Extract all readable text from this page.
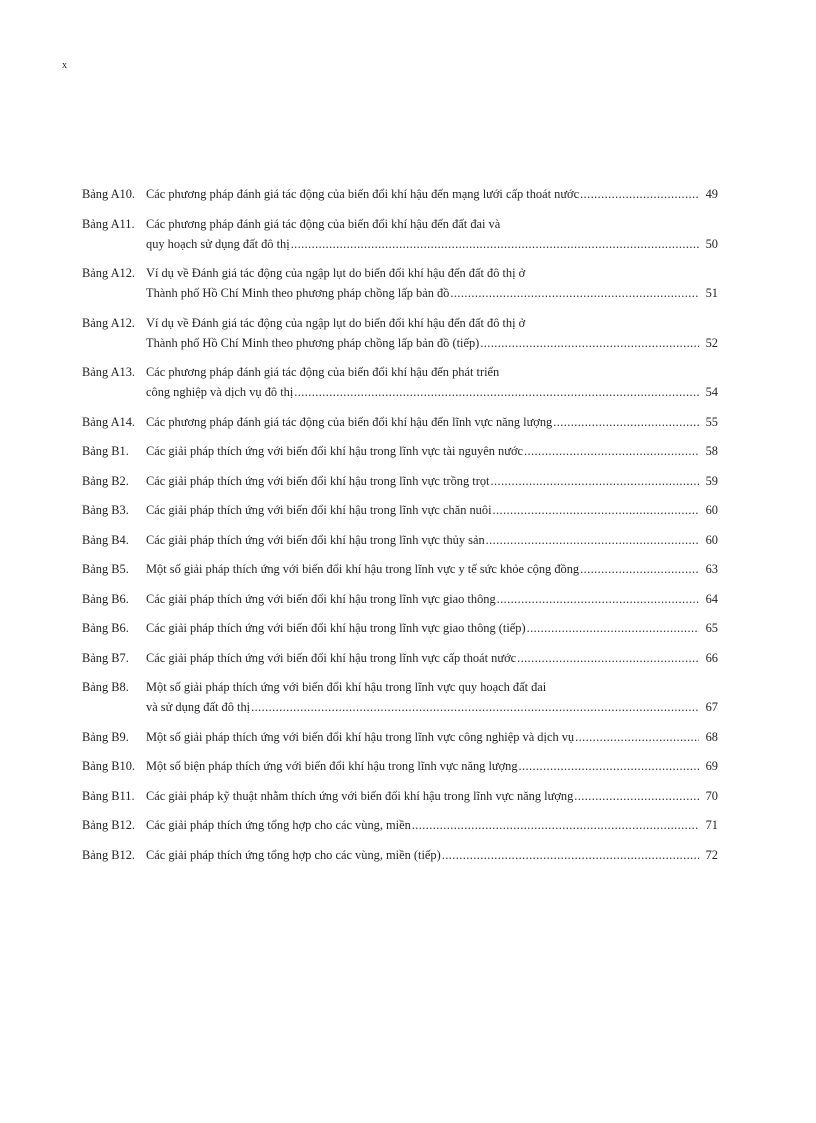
x
Bảng A10. Các phương pháp đánh giá tác động của biến đổi khí hậu đến mạng lưới cấp thoát nước .....	49
Bảng A11. Các phương pháp đánh giá tác động của biến đổi khí hậu đến đất đai và
quy hoạch sử dụng đất đô thị .....	50
Bảng A12. Ví dụ về Đánh giá tác động của ngập lụt do biến đổi khí hậu đến đất đô thị ở
Thành phố Hồ Chí Minh theo phương pháp chồng lấp bản đồ .....	51
Bảng A12. Ví dụ về Đánh giá tác động của ngập lụt do biến đổi khí hậu đến đất đô thị ở
Thành phố Hồ Chí Minh theo phương pháp chồng lấp bản đồ (tiếp) .....	52
Bảng A13. Các phương pháp đánh giá tác động của biến đổi khí hậu đến phát triển
công nghiệp và dịch vụ đô thị .....	54
Bảng A14. Các phương pháp đánh giá tác động của biến đổi khí hậu đến lĩnh vực năng lượng .....	55
Bảng B1.	Các giải pháp thích ứng với biến đổi khí hậu trong lĩnh vực tài nguyên nước .....	58
Bảng B2.	Các giải pháp thích ứng với biến đổi khí hậu trong lĩnh vực trồng trọt .....	59
Bảng B3.	Các giải pháp thích ứng với biến đổi khí hậu trong lĩnh vực chăn nuôi .....	60
Bảng B4.	Các giải pháp thích ứng với biến đổi khí hậu trong lĩnh vực thủy sản .....	60
Bảng B5.	Một số giải pháp thích ứng với biến đổi khí hậu trong lĩnh vực y tế sức khỏe cộng đồng .....	63
Bảng B6.	Các giải pháp thích ứng với biến đổi khí hậu trong lĩnh vực giao thông .....	64
Bảng B6.	Các giải pháp thích ứng với biến đổi khí hậu trong lĩnh vực giao thông (tiếp) .....	65
Bảng B7.	Các giải pháp thích ứng với biến đổi khí hậu trong lĩnh vực cấp thoát nước .....	66
Bảng B8.	Một số giải pháp thích ứng với biến đổi khí hậu trong lĩnh vực quy hoạch đất đai
và sử dụng đất đô thị .....	67
Bảng B9.	Một số giải pháp thích ứng với biến đổi khí hậu trong lĩnh vực công nghiệp và dịch vụ .....	68
Bảng B10. Một số biện pháp thích ứng với biến đổi khí hậu trong lĩnh vực năng lượng .....	69
Bảng B11. Các giải pháp kỹ thuật nhằm thích ứng với biến đổi khí hậu trong lĩnh vực năng lượng .....	70
Bảng B12. Các giải pháp thích ứng tổng hợp cho các vùng, miền .....	71
Bảng B12. Các giải pháp thích ứng tổng hợp cho các vùng, miền (tiếp) .....	72
